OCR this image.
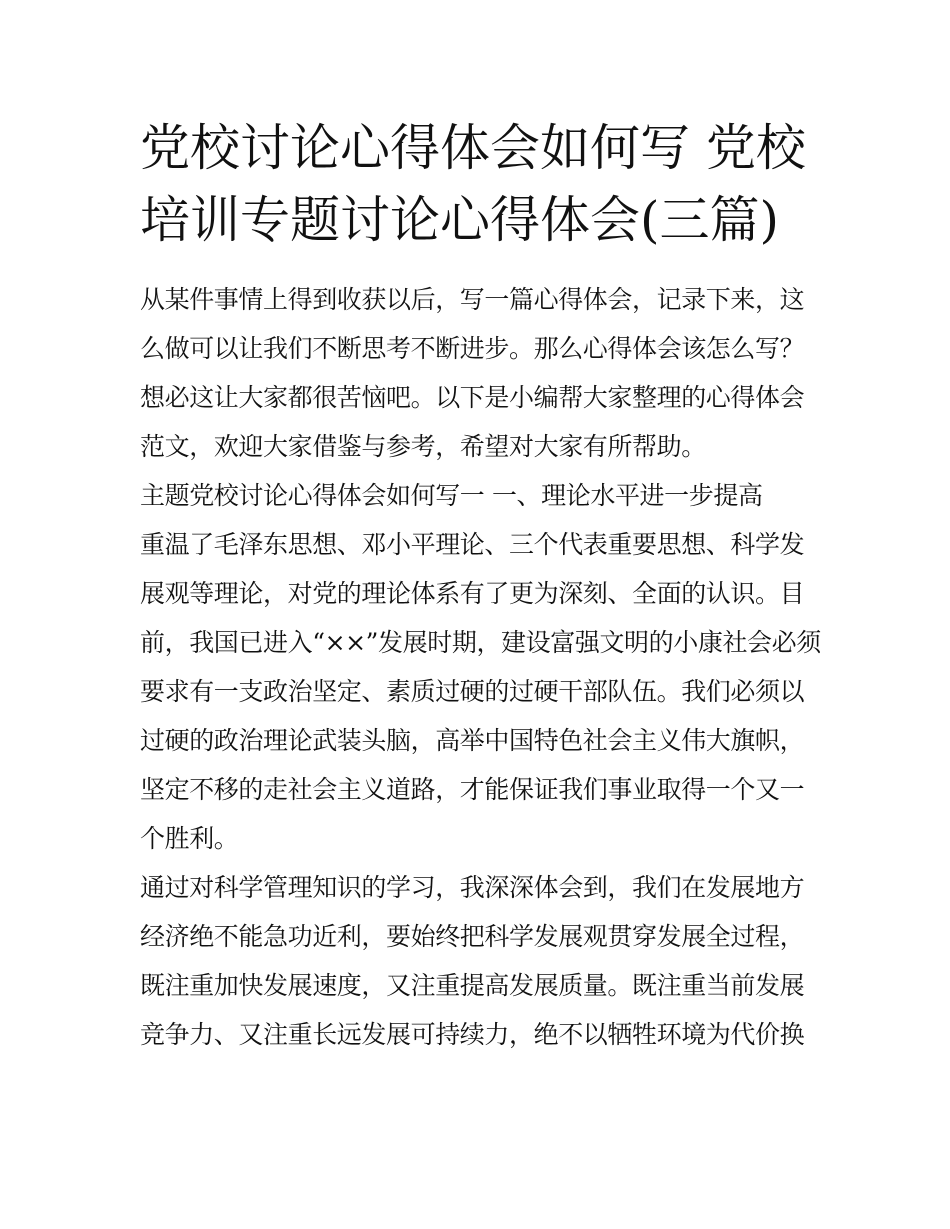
党校讨论心得体会如何写 党校
培训专题讨论心得体会(三篇)
从某件事情上得到收获以后，写一篇心得体会，记录下来，这
么做可以让我们不断思考不断进步。那么心得体会该怎么写？
想必这让大家都很苦恼吧。以下是小编帮大家整理的心得体会
范文，欢迎大家借鉴与参考，希望对大家有所帮助。
主题党校讨论心得体会如何写一 一、理论水平进一步提高
重温了毛泽东思想、邓小平理论、三个代表重要思想、科学发
展观等理论，对党的理论体系有了更为深刻、全面的认识。目
前，我国已进入“××”发展时期，建设富强文明的小康社会必须
要求有一支政治坚定、素质过硬的过硬干部队伍。我们必须以
过硬的政治理论武装头脑，高举中国特色社会主义伟大旗帜，
坚定不移的走社会主义道路，才能保证我们事业取得一个又一
个胜利。
通过对科学管理知识的学习，我深深体会到，我们在发展地方
经济绝不能急功近利，要始终把科学发展观贯穿发展全过程，
既注重加快发展速度，又注重提高发展质量。既注重当前发展
竞争力、又注重长远发展可持续力，绝不以牺牲环境为代价换
